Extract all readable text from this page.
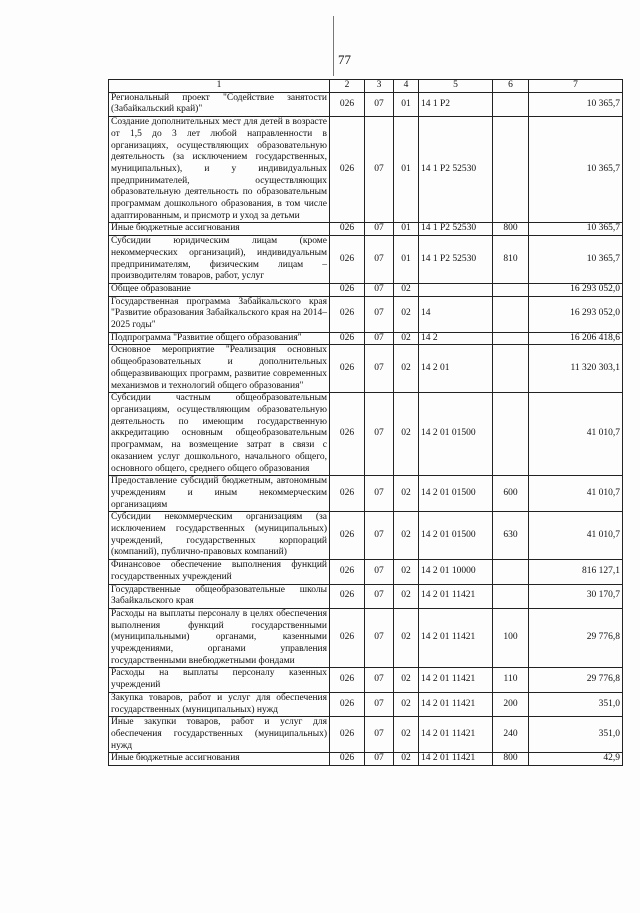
77
1	2	3	4	5	6	7
Региональный проект "Содействие занятости (Забайкальский край)"	026	07	01	14 1 P2		10 365,7
Создание дополнительных мест для детей в возрасте от 1,5 до 3 лет любой направленности в организациях, осуществляющих образовательную деятельность (за исключением государственных, муниципальных), и у индивидуальных предпринимателей, осуществляющих образовательную деятельность по образовательным программам дошкольного образования, в том числе адаптированным, и присмотр и уход за детьми	026	07	01	14 1 P2 52530		10 365,7
Иные бюджетные ассигнования	026	07	01	14 1 P2 52530	800	10 365,7
Субсидии юридическим лицам (кроме некоммерческих организаций), индивидуальным предпринимателям, физическим лицам – производителям товаров, работ, услуг	026	07	01	14 1 P2 52530	810	10 365,7
Общее образование	026	07	02			16 293 052,0
Государственная программа Забайкальского края "Развитие образования Забайкальского края на 2014–2025 годы"	026	07	02	14		16 293 052,0
Подпрограмма "Развитие общего образования"	026	07	02	14 2		16 206 418,6
Основное мероприятие "Реализация основных общеобразовательных и дополнительных общеразвивающих программ, развитие современных механизмов и технологий общего образования"	026	07	02	14 2 01		11 320 303,1
Субсидии частным общеобразовательным организациям, осуществляющим образовательную деятельность по имеющим государственную аккредитацию основным общеобразовательным программам, на возмещение затрат в связи с оказанием услуг дошкольного, начального общего, основного общего, среднего общего образования	026	07	02	14 2 01 01500		41 010,7
Предоставление субсидий бюджетным, автономным учреждениям и иным некоммерческим организациям	026	07	02	14 2 01 01500	600	41 010,7
Субсидии некоммерческим организациям (за исключением государственных (муниципальных) учреждений, государственных корпораций (компаний), публично-правовых компаний)	026	07	02	14 2 01 01500	630	41 010,7
Финансовое обеспечение выполнения функций государственных учреждений	026	07	02	14 2 01 10000		816 127,1
Государственные общеобразовательные школы Забайкальского края	026	07	02	14 2 01 11421		30 170,7
Расходы на выплаты персоналу в целях обеспечения выполнения функций государственными (муниципальными) органами, казенными учреждениями, органами управления государственными внебюджетными фондами	026	07	02	14 2 01 11421	100	29 776,8
Расходы на выплаты персоналу казенных учреждений	026	07	02	14 2 01 11421	110	29 776,8
Закупка товаров, работ и услуг для обеспечения государственных (муниципальных) нужд	026	07	02	14 2 01 11421	200	351,0
Иные закупки товаров, работ и услуг для обеспечения государственных (муниципальных) нужд	026	07	02	14 2 01 11421	240	351,0
Иные бюджетные ассигнования	026	07	02	14 2 01 11421	800	42,9
